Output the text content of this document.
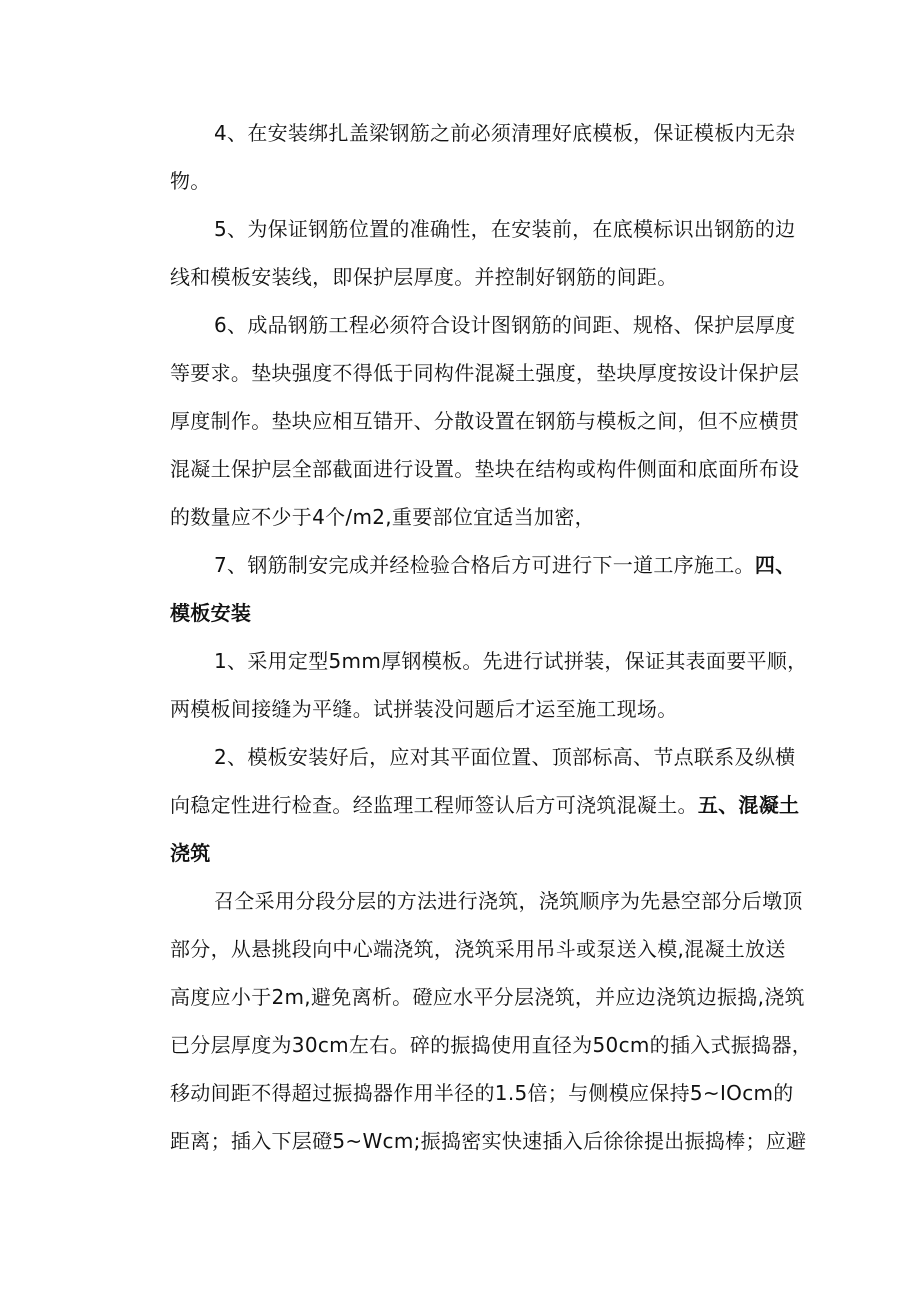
4、在安装绑扎盖梁钢筋之前必须清理好底模板，保证模板内无杂
物。
5、为保证钢筋位置的准确性，在安装前，在底模标识出钢筋的边
线和模板安装线，即保护层厚度。并控制好钢筋的间距。
6、成品钢筋工程必须符合设计图钢筋的间距、规格、保护层厚度
等要求。垫块强度不得低于同构件混凝土强度，垫块厚度按设计保护层
厚度制作。垫块应相互错开、分散设置在钢筋与模板之间，但不应横贯
混凝土保护层全部截面进行设置。垫块在结构或构件侧面和底面所布设
的数量应不少于4个/m2,重要部位宜适当加密，
7、钢筋制安完成并经检验合格后方可进行下一道工序施工。四、
模板安装
1、采用定型5mm厚钢模板。先进行试拼装，保证其表面要平顺，
两模板间接缝为平缝。试拼装没问题后才运至施工现场。
2、模板安装好后，应对其平面位置、顶部标高、节点联系及纵横
向稳定性进行检查。经监理工程师签认后方可浇筑混凝土。五、混凝土
浇筑
召仝采用分段分层的方法进行浇筑，浇筑顺序为先悬空部分后墩顶
部分，从悬挑段向中心端浇筑，浇筑采用吊斗或泵送入模,混凝土放送
高度应小于2m,避免离析。磴应水平分层浇筑，并应边浇筑边振捣,浇筑
已分层厚度为30cm左右。碎的振捣使用直径为50cm的插入式振捣器，
移动间距不得超过振捣器作用半径的1.5倍；与侧模应保持5~IOcm的
距离；插入下层磴5~Wcm;振捣密实快速插入后徐徐提出振捣棒；应避
